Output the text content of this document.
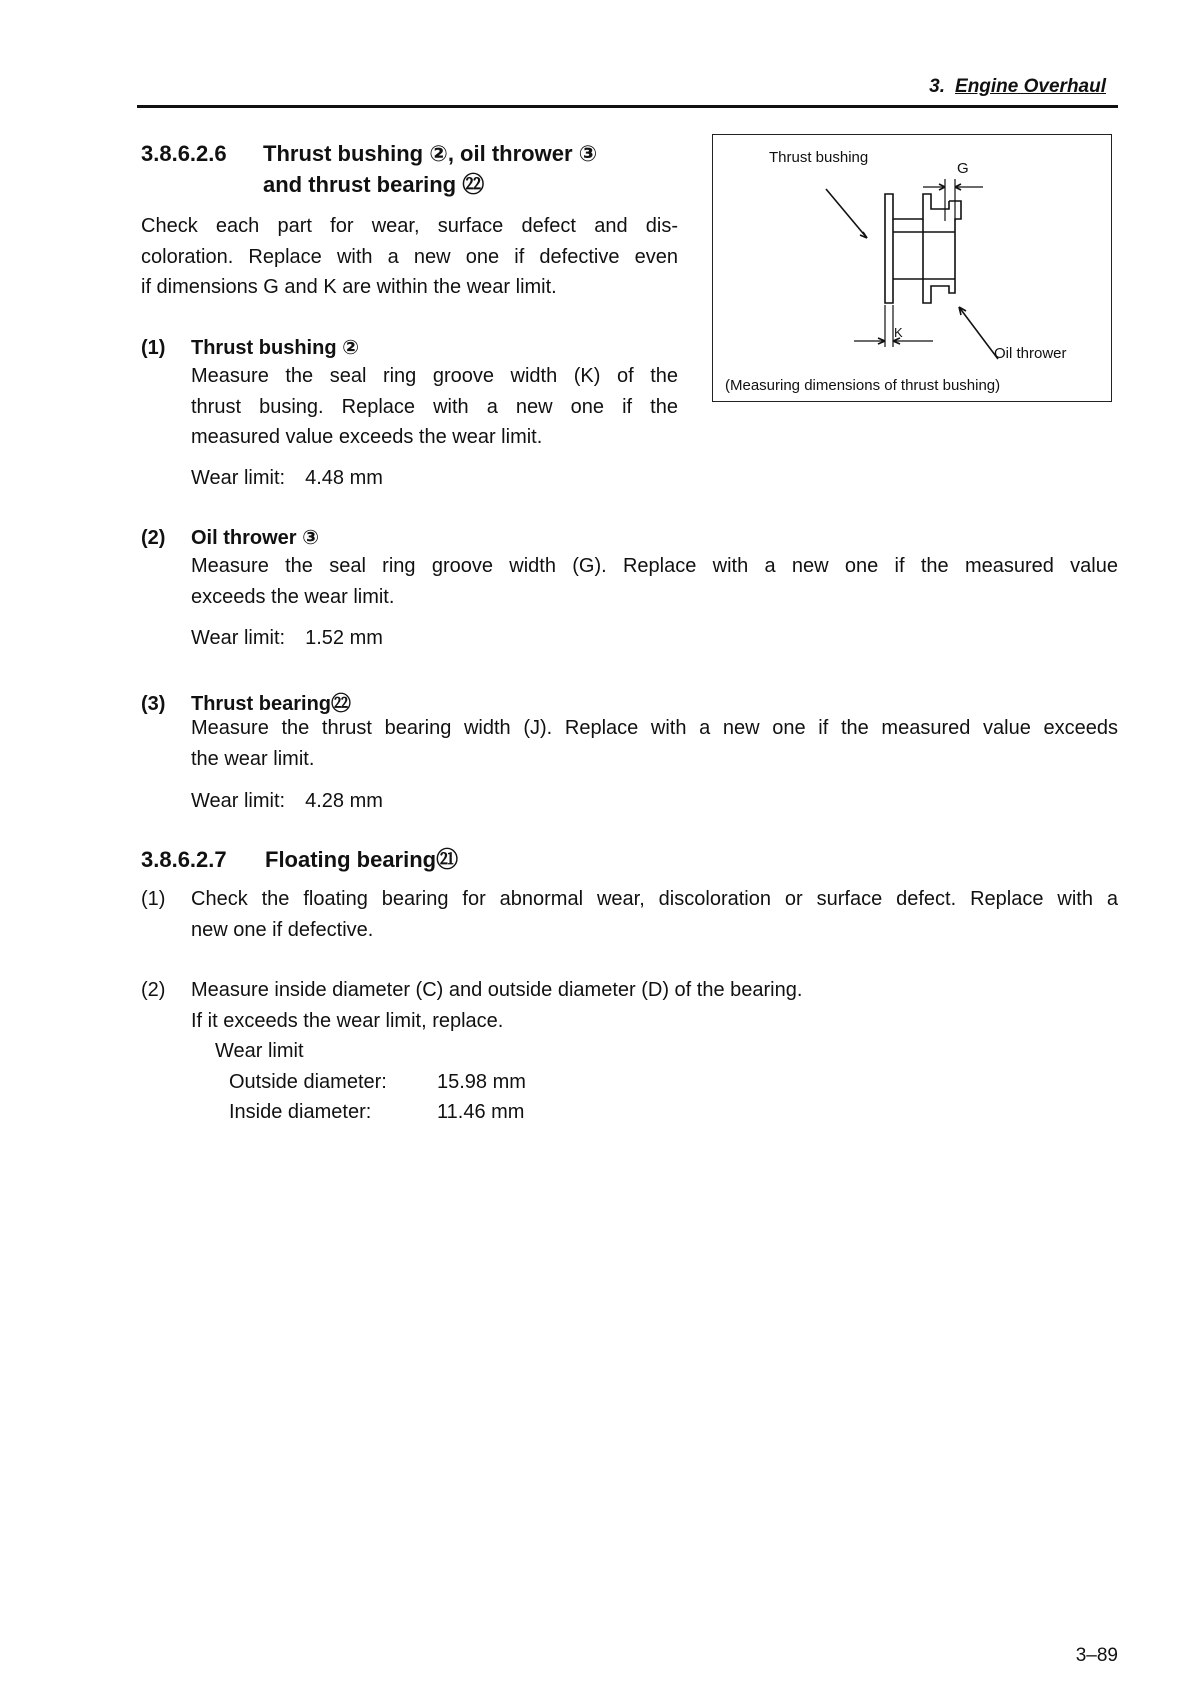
3. Engine Overhaul
3.8.6.2.6 Thrust bushing ②, oil thrower ③
and thrust bearing ㉒
Check each part for wear, surface defect and dis-
coloration. Replace with a new one if defective even
if dimensions G and K are within the wear limit.
(1) Thrust bushing ②
Measure the seal ring groove width (K) of the
thrust busing. Replace with a new one if the
measured value exceeds the wear limit.
Wear limit: 4.48 mm
Thrust bushing
G
K
Oil thrower
(Measuring dimensions of thrust bushing)
(2) Oil thrower ③
Measure the seal ring groove width (G). Replace with a new one if the measured value
exceeds the wear limit.
Wear limit: 1.52 mm
(3) Thrust bearing㉒
Measure the thrust bearing width (J). Replace with a new one if the measured value exceeds
the wear limit.
Wear limit: 4.28 mm
3.8.6.2.7 Floating bearing㉑
(1) Check the floating bearing for abnormal wear, discoloration or surface defect. Replace with a
new one if defective.
(2) Measure inside diameter (C) and outside diameter (D) of the bearing.
If it exceeds the wear limit, replace.
Wear limit
Outside diameter:	15.98 mm
Inside diameter:	11.46 mm
3–89
